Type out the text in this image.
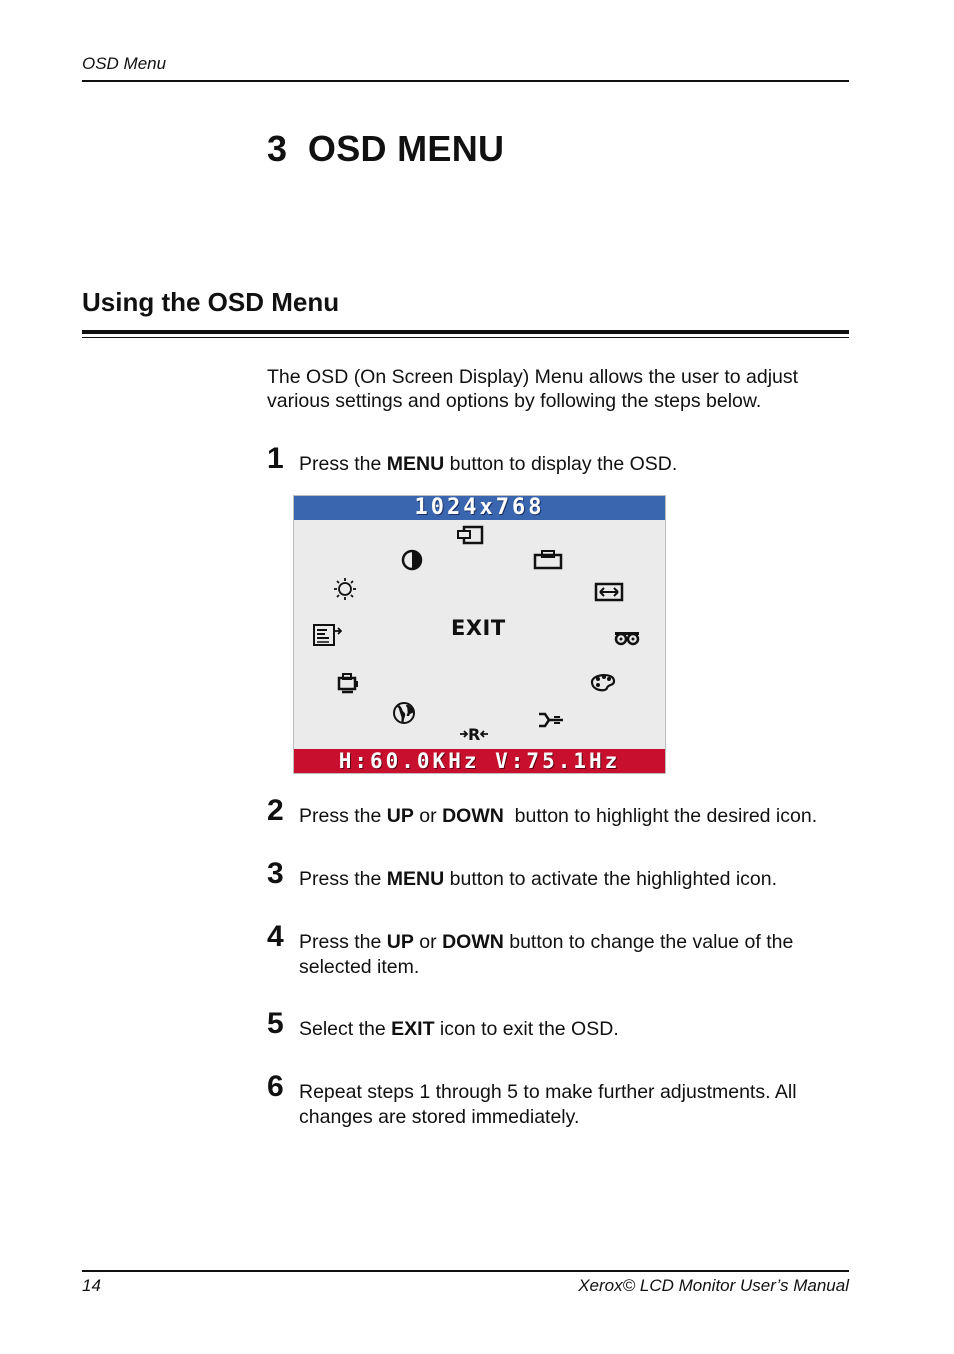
OSD Menu
3  OSD MENU
Using the OSD Menu
The OSD (On Screen Display) Menu allows the user to adjust various settings and options by following the steps below.
1 Press the MENU button to display the OSD.
1024x768
EXIT
R
H:60.0KHz V:75.1Hz
2 Press the UP or DOWN  button to highlight the desired icon.
3 Press the MENU button to activate the highlighted icon.
4 Press the UP or DOWN button to change the value of the selected item.
5 Select the EXIT icon to exit the OSD.
6 Repeat steps 1 through 5 to make further adjustments. All changes are stored immediately.
14	Xerox© LCD Monitor User’s Manual
